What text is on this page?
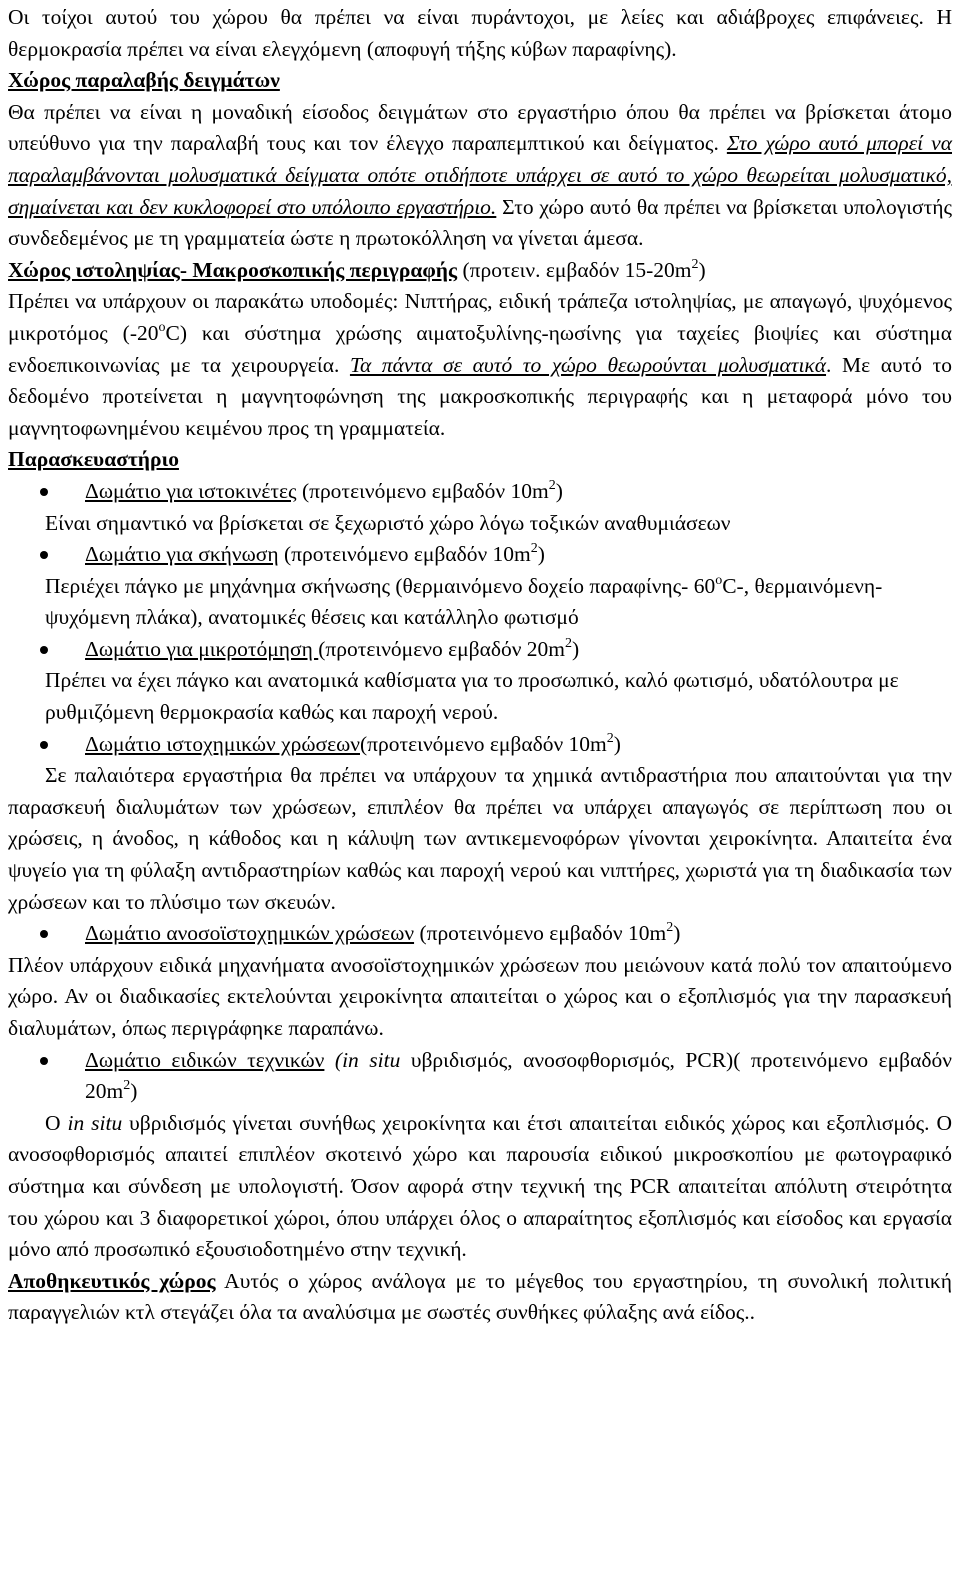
Οι τοίχοι αυτού του χώρου θα πρέπει να είναι πυράντοχοι, με λείες και αδιάβροχες επιφάνειες. Η θερμοκρασία πρέπει να είναι ελεγχόμενη (αποφυγή τήξης κύβων παραφίνης).

Χώρος παραλαβής δειγμάτων

Θα πρέπει να είναι η μοναδική είσοδος δειγμάτων στο εργαστήριο όπου θα πρέπει να βρίσκεται άτομο υπεύθυνο για την παραλαβή τους και τον έλεγχο παραπεμπτικού και δείγματος. Στο χώρο αυτό μπορεί να παραλαμβάνονται μολυσματικά δείγματα οπότε οτιδήποτε υπάρχει σε αυτό το χώρο θεωρείται μολυσματικό, σημαίνεται και δεν κυκλοφορεί στο υπόλοιπο εργαστήριο. Στο χώρο αυτό θα πρέπει να βρίσκεται υπολογιστής συνδεδεμένος με τη γραμματεία ώστε η πρωτοκόλληση να γίνεται άμεσα.

Χώρος ιστοληψίας- Μακροσκοπικής περιγραφής (προτειν. εμβαδόν $15-20m^2$)

Πρέπει να υπάρχουν οι παρακάτω υποδομές: Νιπτήρας, ειδική τράπεζα ιστοληψίας, με απαγωγό, ψυχόμενος μικροτόμος (-20$^o$C) και σύστημα χρώσης αιματοξυλίνης-ηωσίνης για ταχείες βιοψίες και σύστημα ενδοεπικοινωνίας με τα χειρουργεία. Τα πάντα σε αυτό το χώρο θεωρούνται μολυσματικά. Με αυτό το δεδομένο προτείνεται η μαγνητοφώνηση της μακροσκοπικής περιγραφής και η μεταφορά μόνο του μαγνητοφωνημένου κειμένου προς τη γραμματεία.

Παρασκευαστήριο

Δωμάτιο για ιστοκινέτες (προτεινόμενο εμβαδόν $10m^2$)

Είναι σημαντικό να βρίσκεται σε ξεχωριστό χώρο λόγω τοξικών αναθυμιάσεων

Δωμάτιο για σκήνωση (προτεινόμενο εμβαδόν $10m^2$)

Περιέχει πάγκο με μηχάνημα σκήνωσης (θερμαινόμενο δοχείο παραφίνης- 60$^o$C-, θερμαινόμενη-ψυχόμενη πλάκα), ανατομικές θέσεις και κατάλληλο φωτισμό

Δωμάτιο για μικροτόμηση (προτεινόμενο εμβαδόν $20m^2$)

Πρέπει να έχει πάγκο και ανατομικά καθίσματα για το προσωπικό, καλό φωτισμό, υδατόλουτρα με ρυθμιζόμενη θερμοκρασία καθώς και παροχή νερού.

Δωμάτιο ιστοχημικών χρώσεων(προτεινόμενο εμβαδόν $10m^2$)

Σε παλαιότερα εργαστήρια θα πρέπει να υπάρχουν τα χημικά αντιδραστήρια που απαιτούνται για την παρασκευή διαλυμάτων των χρώσεων, επιπλέον θα πρέπει να υπάρχει απαγωγός σε περίπτωση που οι χρώσεις, η άνοδος, η κάθοδος και η κάλυψη των αντικεμενοφόρων γίνονται χειροκίνητα. Απαιτείτα ένα ψυγείο για τη φύλαξη αντιδραστηρίων καθώς και παροχή νερού και νιπτήρες, χωριστά για τη διαδικασία των χρώσεων και το πλύσιμο των σκευών.

Δωμάτιο ανοσοϊστοχημικών χρώσεων (προτεινόμενο εμβαδόν $10m^2$)

Πλέον υπάρχουν ειδικά μηχανήματα ανοσοϊστοχημικών χρώσεων που μειώνουν κατά πολύ τον απαιτούμενο χώρο. Αν οι διαδικασίες εκτελούνται χειροκίνητα απαιτείται ο χώρος και ο εξοπλισμός για την παρασκευή διαλυμάτων, όπως περιγράφηκε παραπάνω.

Δωμάτιο ειδικών τεχνικών (in situ υβριδισμός, ανοσοφθορισμός, PCR)( προτεινόμενο εμβαδόν $20m^2$)

Ο in situ υβριδισμός γίνεται συνήθως χειροκίνητα και έτσι απαιτείται ειδικός χώρος και εξοπλισμός. Ο ανοσοφθορισμός απαιτεί επιπλέον σκοτεινό χώρο και παρουσία ειδικού μικροσκοπίου με φωτογραφικό σύστημα και σύνδεση με υπολογιστή. Όσον αφορά στην τεχνική της PCR απαιτείται απόλυτη στειρότητα του χώρου και 3 διαφορετικοί χώροι, όπου υπάρχει όλος ο απαραίτητος εξοπλισμός και είσοδος και εργασία μόνο από προσωπικό εξουσιοδοτημένο στην τεχνική.

Αποθηκευτικός χώρος Αυτός ο χώρος ανάλογα με το μέγεθος του εργαστηρίου, τη συνολική πολιτική παραγγελιών κτλ στεγάζει όλα τα αναλύσιμα με σωστές συνθήκες φύλαξης ανά είδος..
